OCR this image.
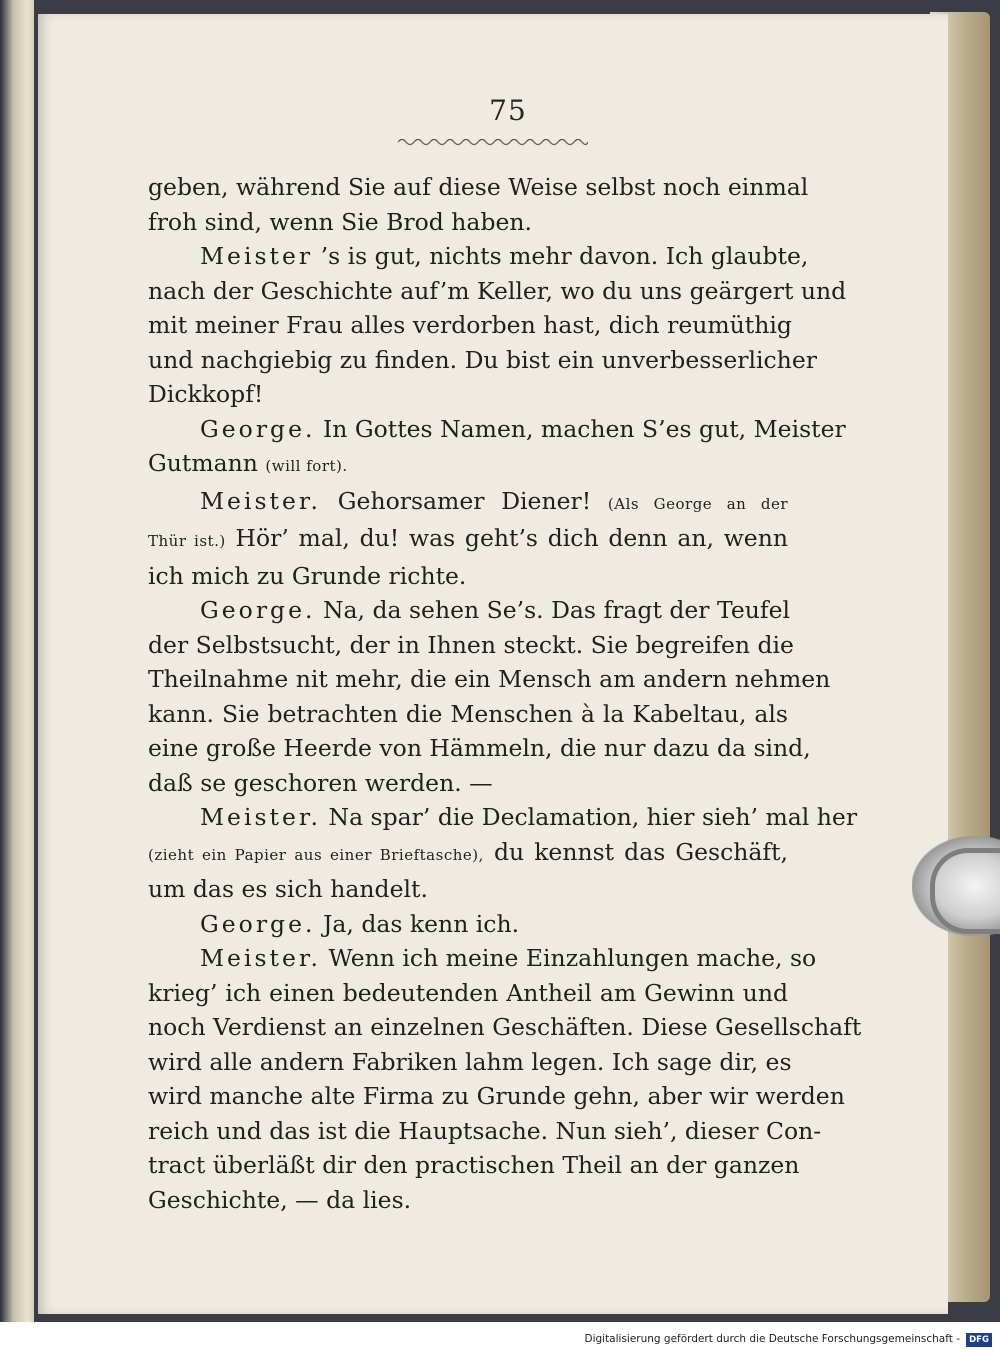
75
geben, während Sie auf diese Weise selbst noch einmal
froh sind, wenn Sie Brod haben.
Meister ’s is gut, nichts mehr davon. Ich glaubte,
nach der Geschichte auf’m Keller, wo du uns geärgert und
mit meiner Frau alles verdorben hast, dich reumüthig
und nachgiebig zu finden. Du bist ein unverbesserlicher
Dickkopf!
George. In Gottes Namen, machen S’es gut, Meister
Gutmann (will fort).
Meister. Gehorsamer Diener! (Als George an der
Thür ist.) Hör’ mal, du! was geht’s dich denn an, wenn
ich mich zu Grunde richte.
George. Na, da sehen Se’s. Das fragt der Teufel
der Selbstsucht, der in Ihnen steckt. Sie begreifen die
Theilnahme nit mehr, die ein Mensch am andern nehmen
kann. Sie betrachten die Menschen à la Kabeltau, als
eine große Heerde von Hämmeln, die nur dazu da sind,
daß se geschoren werden. —
Meister. Na spar’ die Declamation, hier sieh’ mal her
(zieht ein Papier aus einer Brieftasche), du kennst das Geschäft,
um das es sich handelt.
George. Ja, das kenn ich.
Meister. Wenn ich meine Einzahlungen mache, so
krieg’ ich einen bedeutenden Antheil am Gewinn und
noch Verdienst an einzelnen Geschäften. Diese Gesellschaft
wird alle andern Fabriken lahm legen. Ich sage dir, es
wird manche alte Firma zu Grunde gehn, aber wir werden
reich und das ist die Hauptsache. Nun sieh’, dieser Con-
tract überläßt dir den practischen Theil an der ganzen
Geschichte, — da lies.
Digitalisierung gefördert durch die Deutsche Forschungsgemeinschaft -	DFG
